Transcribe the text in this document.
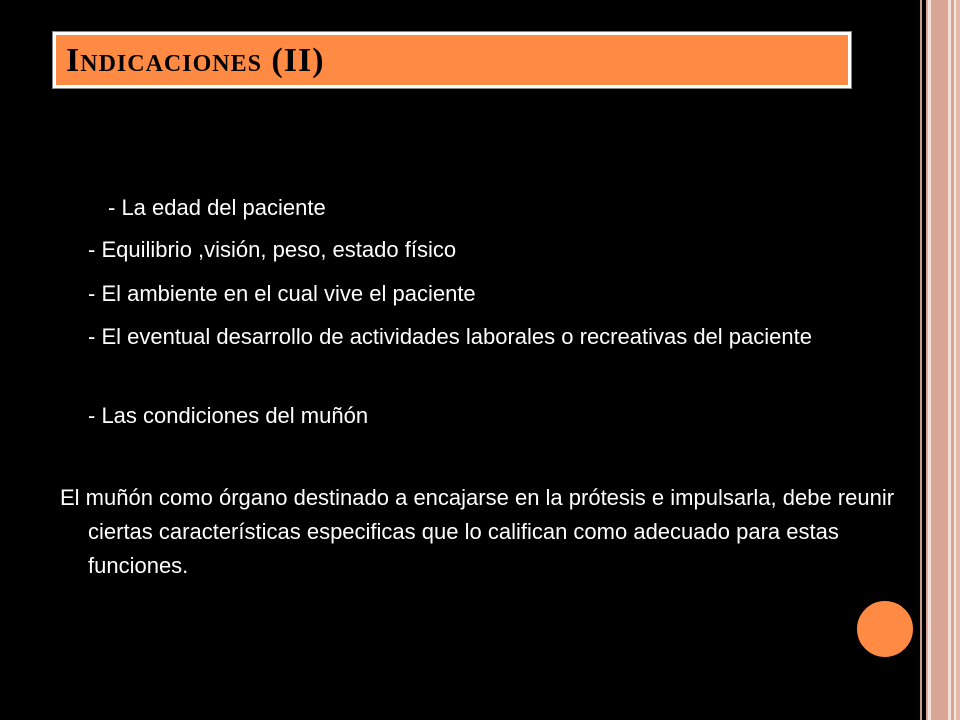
Indicaciones (II)

- La edad del paciente

- Equilibrio ,visión, peso, estado físico

- El ambiente en el cual vive el paciente

- El eventual desarrollo de actividades laborales o recreativas del paciente

- Las condiciones del muñón

El muñón como órgano destinado a encajarse en la prótesis e impulsarla, debe reunir ciertas características especificas que lo califican como adecuado para estas funciones.
